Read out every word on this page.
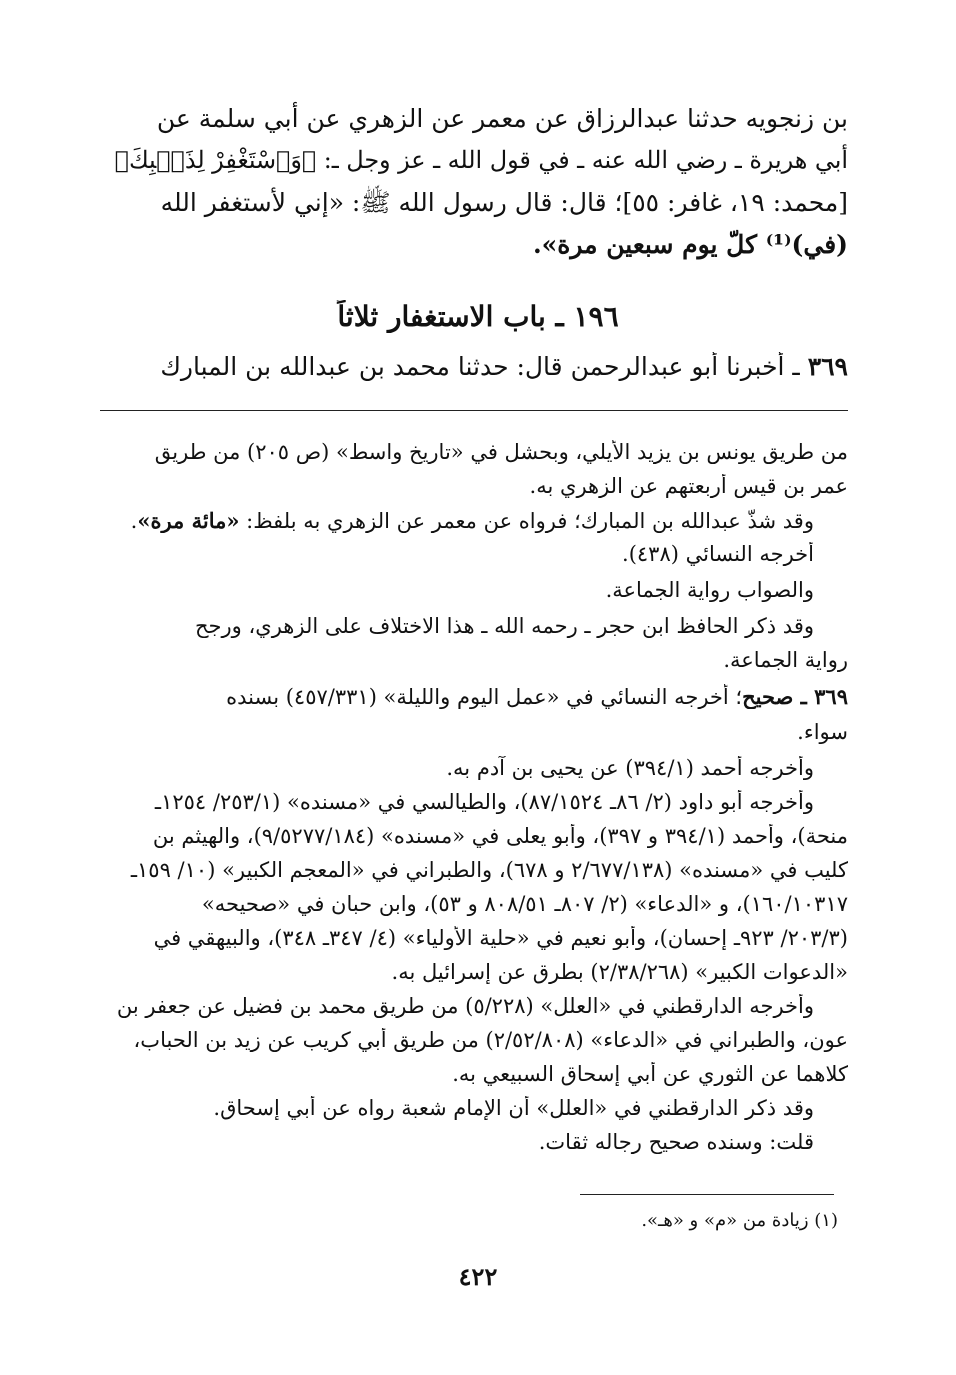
بن زنجويه حدثنا عبدالرزاق عن معمر عن الزهري عن أبي سلمة عن
أبي هريرة ـ رضي الله عنه ـ في قول الله ـ عز وجل ـ: ﴿وَٱسْتَغْفِرْ لِذَنۢبِكَ﴾
[محمد: ١٩، غافر: ٥٥]؛ قال: قال رسول الله ﷺ: «إني لأستغفر الله
(في)⁽¹⁾ كلّ يوم سبعين مرة».
١٩٦ ـ باب الاستغفار ثلاثاً
٣٦٩ ـ أخبرنا أبو عبدالرحمن قال: حدثنا محمد بن عبدالله بن المبارك
من طريق يونس بن يزيد الأيلي، وبحشل في «تاريخ واسط» (ص ٢٠٥) من طريق
عمر بن قيس أربعتهم عن الزهري به.
وقد شذّ عبدالله بن المبارك؛ فرواه عن معمر عن الزهري به بلفظ: «مائة مرة».
أخرجه النسائي (٤٣٨).
والصواب رواية الجماعة.
وقد ذكر الحافظ ابن حجر ـ رحمه الله ـ هذا الاختلاف على الزهري، ورجح
رواية الجماعة.
٣٦٩ ـ صحيح؛ أخرجه النسائي في «عمل اليوم والليلة» (٤٥٧/٣٣١) بسنده
سواء.
وأخرجه أحمد (٣٩٤/١) عن يحيى بن آدم به.
وأخرجه أبو داود (٢/ ٨٦ـ ٨٧/١٥٢٤)، والطيالسي في «مسنده» (٢٥٣/١/ ١٢٥٤ـ
منحة)، وأحمد (٣٩٤/١ و ٣٩٧)، وأبو يعلى في «مسنده» (٩/٥٢٧٧/١٨٤)، والهيثم بن
كليب في «مسنده» (٢/٦٧٧/١٣٨ و ٦٧٨)، والطبراني في «المعجم الكبير» (١٠/ ١٥٩ـ
١٦٠/١٠٣١٧)، و «الدعاء» (٢/ ٨٠٧ـ ٨٠٨/٥١ و ٥٣)، وابن حبان في «صحيحه»
(٢٠٣/٣/ ٩٢٣ـ إحسان)، وأبو نعيم في «حلية الأولياء» (٤/ ٣٤٧ـ ٣٤٨)، والبيهقي في
«الدعوات الكبير» (٢/٣٨/٢٦٨) بطرق عن إسرائيل به.
وأخرجه الدارقطني في «العلل» (٥/٢٢٨) من طريق محمد بن فضيل عن جعفر بن
عون، والطبراني في «الدعاء» (٢/٥٢/٨٠٨) من طريق أبي كريب عن زيد بن الحباب،
كلاهما عن الثوري عن أبي إسحاق السبيعي به.
وقد ذكر الدارقطني في «العلل» أن الإمام شعبة رواه عن أبي إسحاق.
قلت: وسنده صحيح رجاله ثقات.
(١) زيادة من «م» و «هـ».
٤٢٢
